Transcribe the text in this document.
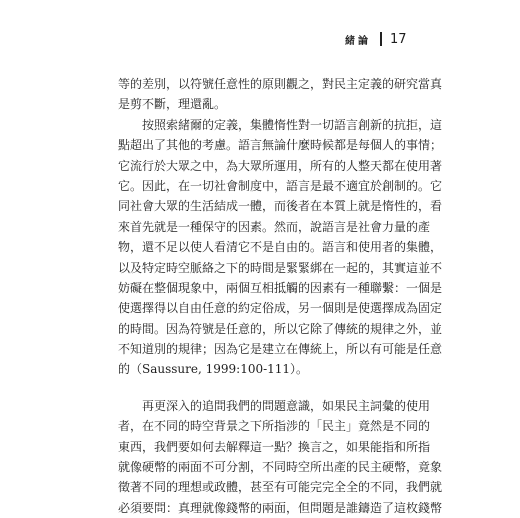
緒論 17
等的差別，以符號任意性的原則觀之，對民主定義的研究當真
是剪不斷，理還亂。
按照索緒爾的定義，集體惰性對一切語言創新的抗拒，這
點超出了其他的考慮。語言無論什麼時候都是每個人的事情；
它流行於大眾之中，為大眾所運用，所有的人整天都在使用著
它。因此，在一切社會制度中，語言是最不適宜於創制的。它
同社會大眾的生活結成一體，而後者在本質上就是惰性的，看
來首先就是一種保守的因素。然而，說語言是社會力量的產
物，還不足以使人看清它不是自由的。語言和使用者的集體，
以及特定時空脈絡之下的時間是緊緊綁在一起的，其實這並不
妨礙在整個現象中，兩個互相抵觸的因素有一種聯繫：一個是
使選擇得以自由任意的約定俗成，另一個則是使選擇成為固定
的時間。因為符號是任意的，所以它除了傳統的規律之外，並
不知道別的規律；因為它是建立在傳統上，所以有可能是任意
的（Saussure, 1999:100-111）。
再更深入的追問我們的問題意識，如果民主詞彙的使用
者，在不同的時空背景之下所指涉的「民主」竟然是不同的
東西，我們要如何去解釋這一點？換言之，如果能指和所指
就像硬幣的兩面不可分割，不同時空所出產的民主硬幣，竟象
徵著不同的理想或政體，甚至有可能完完全全的不同，我們就
必須要問：真理就像錢幣的兩面，但問題是誰鑄造了這枚錢幣
